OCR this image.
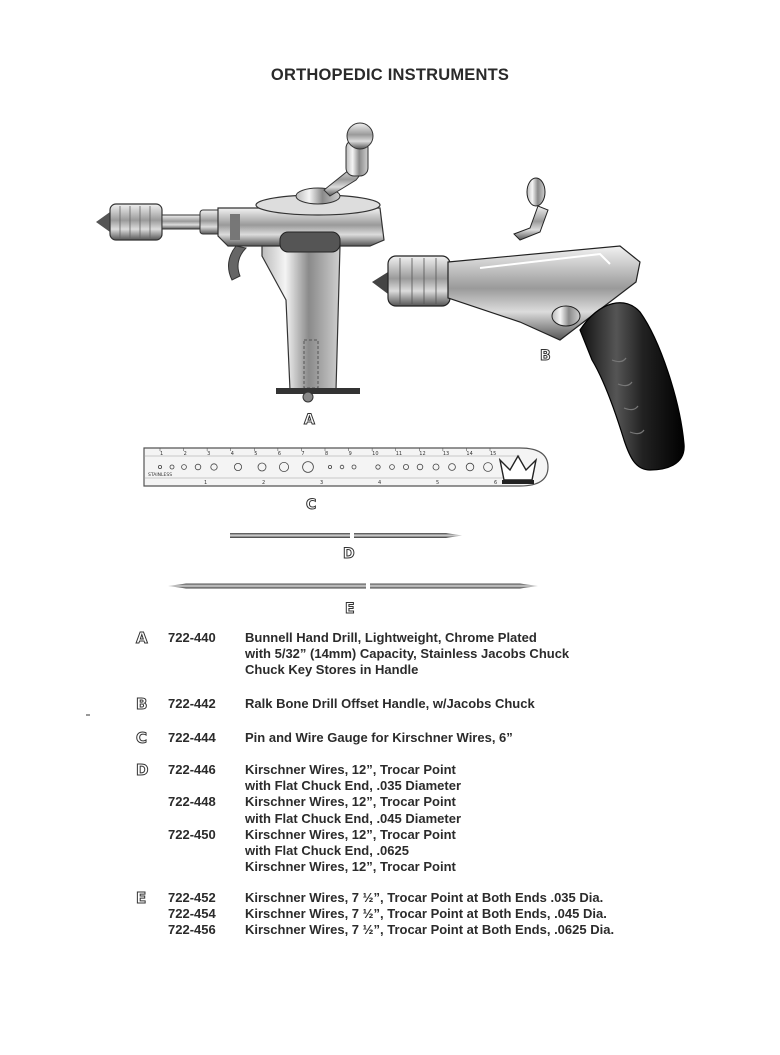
ORTHOPEDIC INSTRUMENTS
1	2	3	4	5	6	7	8	9	10	11	12	13	14	15
1	2	3	4	5	6
STAINLESS
A
B
C
D
E
A 722-440 Bunnell Hand Drill, Lightweight, Chrome Plated
with 5/32” (14mm) Capacity, Stainless Jacobs Chuck
Chuck Key Stores in Handle
B 722-442 Ralk Bone Drill Offset Handle, w/Jacobs Chuck
C 722-444 Pin and Wire Gauge for Kirschner Wires, 6”
D 722-446 Kirschner Wires, 12”, Trocar Point
with Flat Chuck End, .035 Diameter
722-448 Kirschner Wires, 12”, Trocar Point
with Flat Chuck End, .045 Diameter
722-450 Kirschner Wires, 12”, Trocar Point
with Flat Chuck End, .0625
Kirschner Wires, 12”, Trocar Point
E 722-452 Kirschner Wires, 7 ½”, Trocar Point at Both Ends .035 Dia.
722-454 Kirschner Wires, 7 ½”, Trocar Point at Both Ends, .045 Dia.
722-456 Kirschner Wires, 7 ½”, Trocar Point at Both Ends, .0625 Dia.
